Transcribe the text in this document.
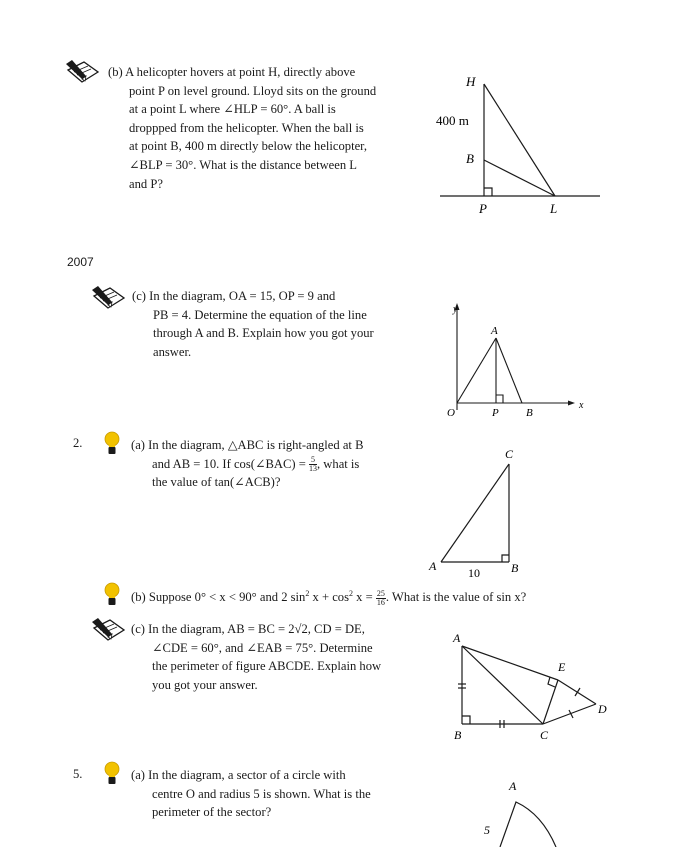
(b) A helicopter hovers at point H, directly above
point P on level ground. Lloyd sits on the ground
at a point L where ∠HLP = 60°. A ball is
droppped from the helicopter. When the ball is
at point B, 400 m directly below the helicopter,
∠BLP = 30°. What is the distance between L
and P?
H
400 m
B
P	L
2007
(c) In the diagram, OA = 15, OP = 9 and
PB = 4. Determine the equation of the line
through A and B. Explain how you got your
answer.
y
A
O	P B
x
2.	(a) In the diagram, △ABC is right-angled at B
and AB = 10. If cos(∠BAC) = $\frac{5}{13}$ , what is
the value of tan(∠ACB)?
C
A	10	B
(b) Suppose 0° < x < 90° and 2 $\sin^2 x + \cos^2 x = \frac{25}{16}$ . What is the value of sin x?
(c) In the diagram, AB = BC = 2√2, CD = DE,
∠CDE = 60°, and ∠EAB = 75°. Determine
the perimeter of figure ABCDE. Explain how
you got your answer.
A
E
D
B	C
5.	(a) In the diagram, a sector of a circle with
centre O and radius 5 is shown. What is the
perimeter of the sector?
A
5
